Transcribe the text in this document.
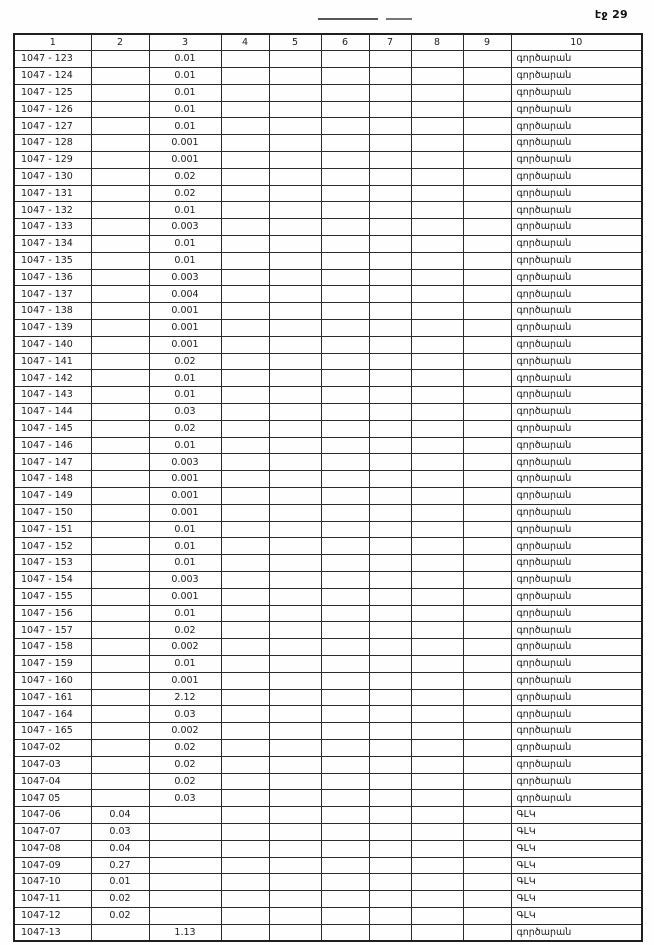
էջ 29
1	2	3	4	5	6	7	8	9	10
1047 - 123		0.01							գործարան
1047 - 124		0.01							գործարան
1047 - 125		0.01							գործարան
1047 - 126		0.01							գործարան
1047 - 127		0.01							գործարան
1047 - 128		0.001							գործարան
1047 - 129		0.001							գործարան
1047 - 130		0.02							գործարան
1047 - 131		0.02							գործարան
1047 - 132		0.01							գործարան
1047 - 133		0.003							գործարան
1047 - 134		0.01							գործարան
1047 - 135		0.01							գործարան
1047 - 136		0.003							գործարան
1047 - 137		0.004							գործարան
1047 - 138		0.001							գործարան
1047 - 139		0.001							գործարան
1047 - 140		0.001							գործարան
1047 - 141		0.02							գործարան
1047 - 142		0.01							գործարան
1047 - 143		0.01							գործարան
1047 - 144		0.03							գործարան
1047 - 145		0.02							գործարան
1047 - 146		0.01							գործարան
1047 - 147		0.003							գործարան
1047 - 148		0.001							գործարան
1047 - 149		0.001							գործարան
1047 - 150		0.001							գործարան
1047 - 151		0.01							գործարան
1047 - 152		0.01							գործարան
1047 - 153		0.01							գործարան
1047 - 154		0.003							գործարան
1047 - 155		0.001							գործարան
1047 - 156		0.01							գործարան
1047 - 157		0.02							գործարան
1047 - 158		0.002							գործարան
1047 - 159		0.01							գործարան
1047 - 160		0.001							գործարան
1047 - 161		2.12							գործարան
1047 - 164		0.03							գործարան
1047 - 165		0.002							գործարան
1047-02		0.02							գործարան
1047-03		0.02							գործարան
1047-04		0.02							գործարան
1047 05		0.03							գործարան
1047-06	0.04								ԳԼԿ
1047-07	0.03								ԳԼԿ
1047-08	0.04								ԳԼԿ
1047-09	0.27								ԳԼԿ
1047-10	0.01								ԳԼԿ
1047-11	0.02								ԳԼԿ
1047-12	0.02								ԳԼԿ
1047-13		1.13							գործարան
